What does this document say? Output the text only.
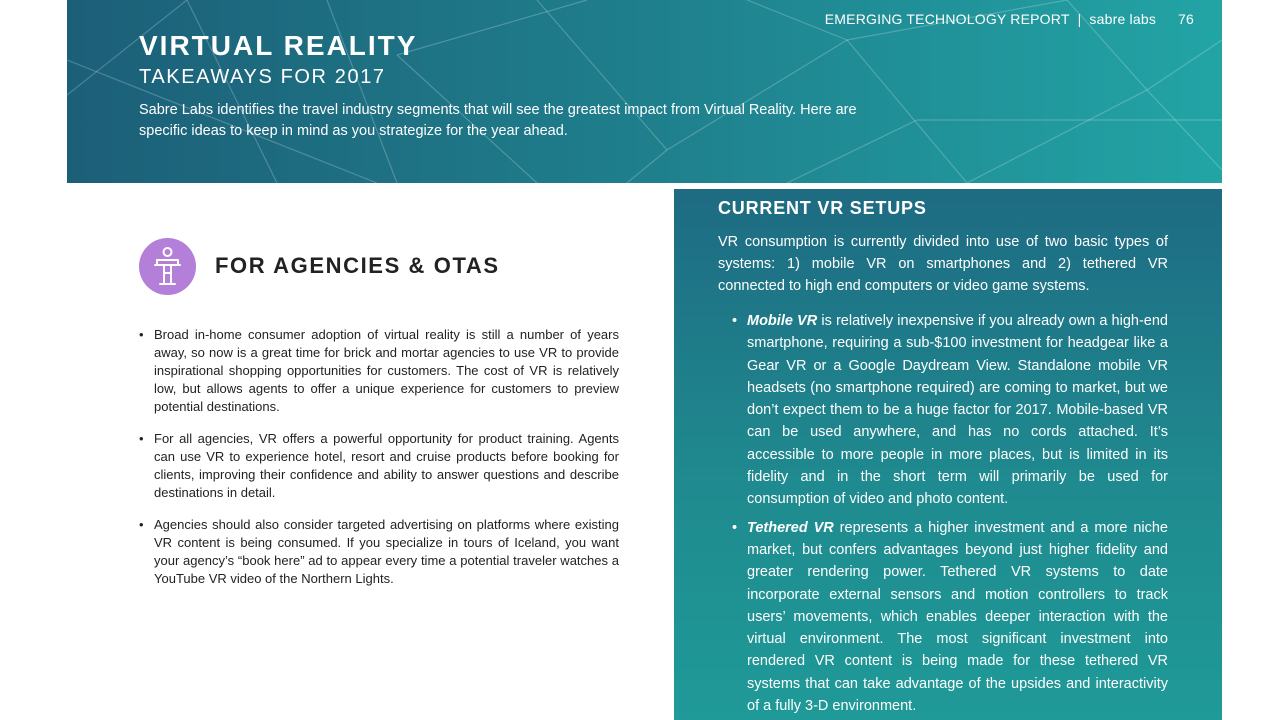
EMERGING TECHNOLOGY REPORT | sabre labs 76
VIRTUAL REALITY
TAKEAWAYS FOR 2017
Sabre Labs identifies the travel industry segments that will see the greatest impact from Virtual Reality. Here are specific ideas to keep in mind as you strategize for the year ahead.
FOR AGENCIES & OTAS
• Broad in-home consumer adoption of virtual reality is still a number of years away, so now is a great time for brick and mortar agencies to use VR to provide inspirational shopping opportunities for customers. The cost of VR is relatively low, but allows agents to offer a unique experience for customers to preview potential destinations.
• For all agencies, VR offers a powerful opportunity for product training. Agents can use VR to experience hotel, resort and cruise products before booking for clients, improving their confidence and ability to answer questions and describe destinations in detail.
• Agencies should also consider targeted advertising on platforms where existing VR content is being consumed. If you specialize in tours of Iceland, you want your agency’s “book here” ad to appear every time a potential traveler watches a YouTube VR video of the Northern Lights.
CURRENT VR SETUPS

VR consumption is currently divided into use of two basic types of systems: 1) mobile VR on smartphones and 2) tethered VR connected to high end computers or video game systems.

• Mobile VR is relatively inexpensive if you already own a high-end smartphone, requiring a sub-$100 investment for headgear like a Gear VR or a Google Daydream View. Standalone mobile VR headsets (no smartphone required) are coming to market, but we don’t expect them to be a huge factor for 2017. Mobile-based VR can be used anywhere, and has no cords attached. It’s accessible to more people in more places, but is limited in its fidelity and in the short term will primarily be used for consumption of video and photo content.
• Tethered VR represents a higher investment and a more niche market, but confers advantages beyond just higher fidelity and greater rendering power. Tethered VR systems to date incorporate external sensors and motion controllers to track users’ movements, which enables deeper interaction with the virtual environment. The most significant investment into rendered VR content is being made for these tethered VR systems that can take advantage of the upsides and interactivity of a fully 3-D environment.
